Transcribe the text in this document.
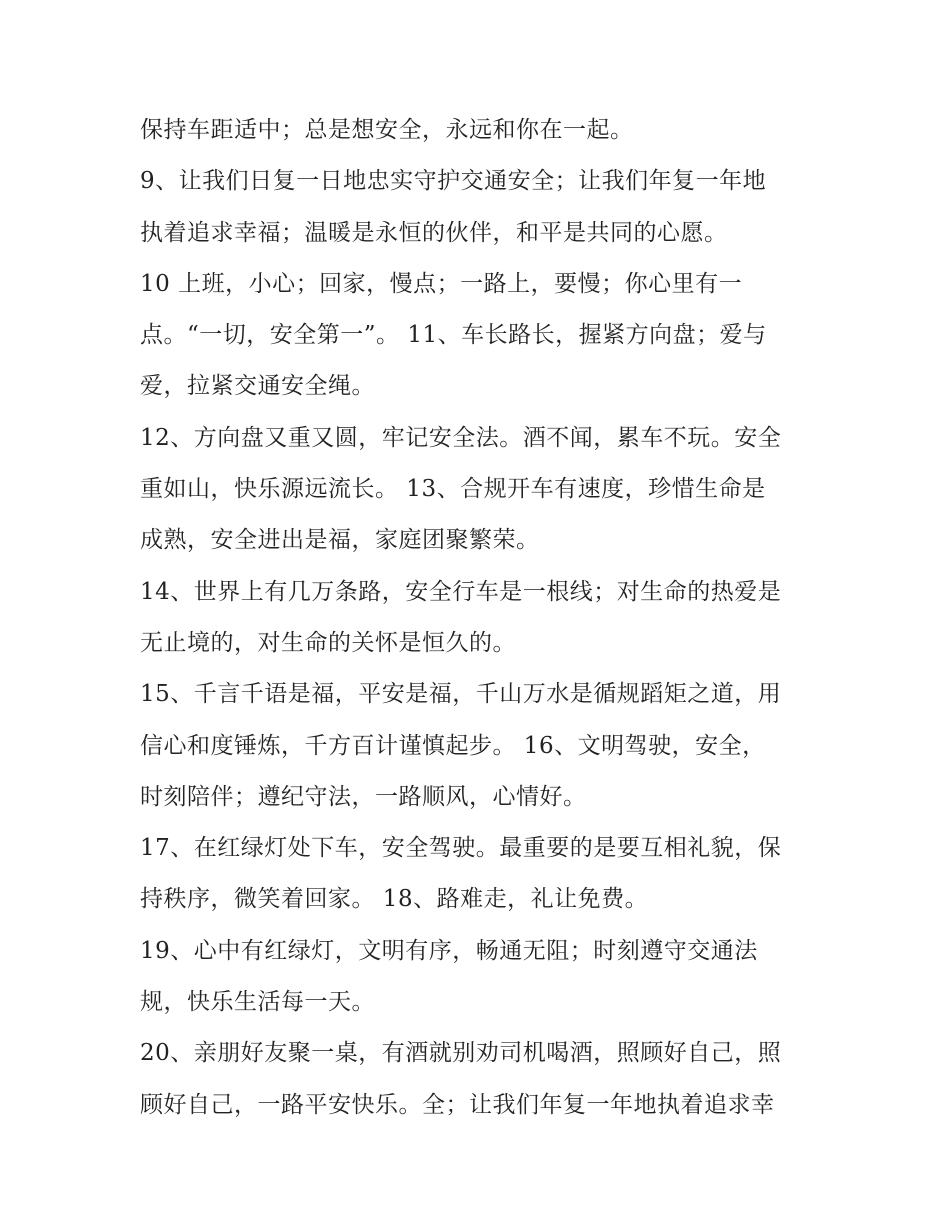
保持车距适中；总是想安全，永远和你在一起。
9、让我们日复一日地忠实守护交通安全；让我们年复一年地
执着追求幸福；温暖是永恒的伙伴，和平是共同的心愿。
10 上班，小心；回家，慢点；一路上，要慢；你心里有一
点。“一切，安全第一”。 11、车长路长，握紧方向盘；爱与
爱，拉紧交通安全绳。
12、方向盘又重又圆，牢记安全法。酒不闻，累车不玩。安全
重如山，快乐源远流长。 13、合规开车有速度，珍惜生命是
成熟，安全进出是福，家庭团聚繁荣。
14、世界上有几万条路，安全行车是一根线；对生命的热爱是
无止境的，对生命的关怀是恒久的。
15、千言千语是福，平安是福，千山万水是循规蹈矩之道，用
信心和度锤炼，千方百计谨慎起步。 16、文明驾驶，安全，
时刻陪伴；遵纪守法，一路顺风，心情好。
17、在红绿灯处下车，安全驾驶。最重要的是要互相礼貌，保
持秩序，微笑着回家。 18、路难走，礼让免费。
19、心中有红绿灯，文明有序，畅通无阻；时刻遵守交通法
规，快乐生活每一天。
20、亲朋好友聚一桌，有酒就别劝司机喝酒，照顾好自己，照
顾好自己，一路平安快乐。全；让我们年复一年地执着追求幸
